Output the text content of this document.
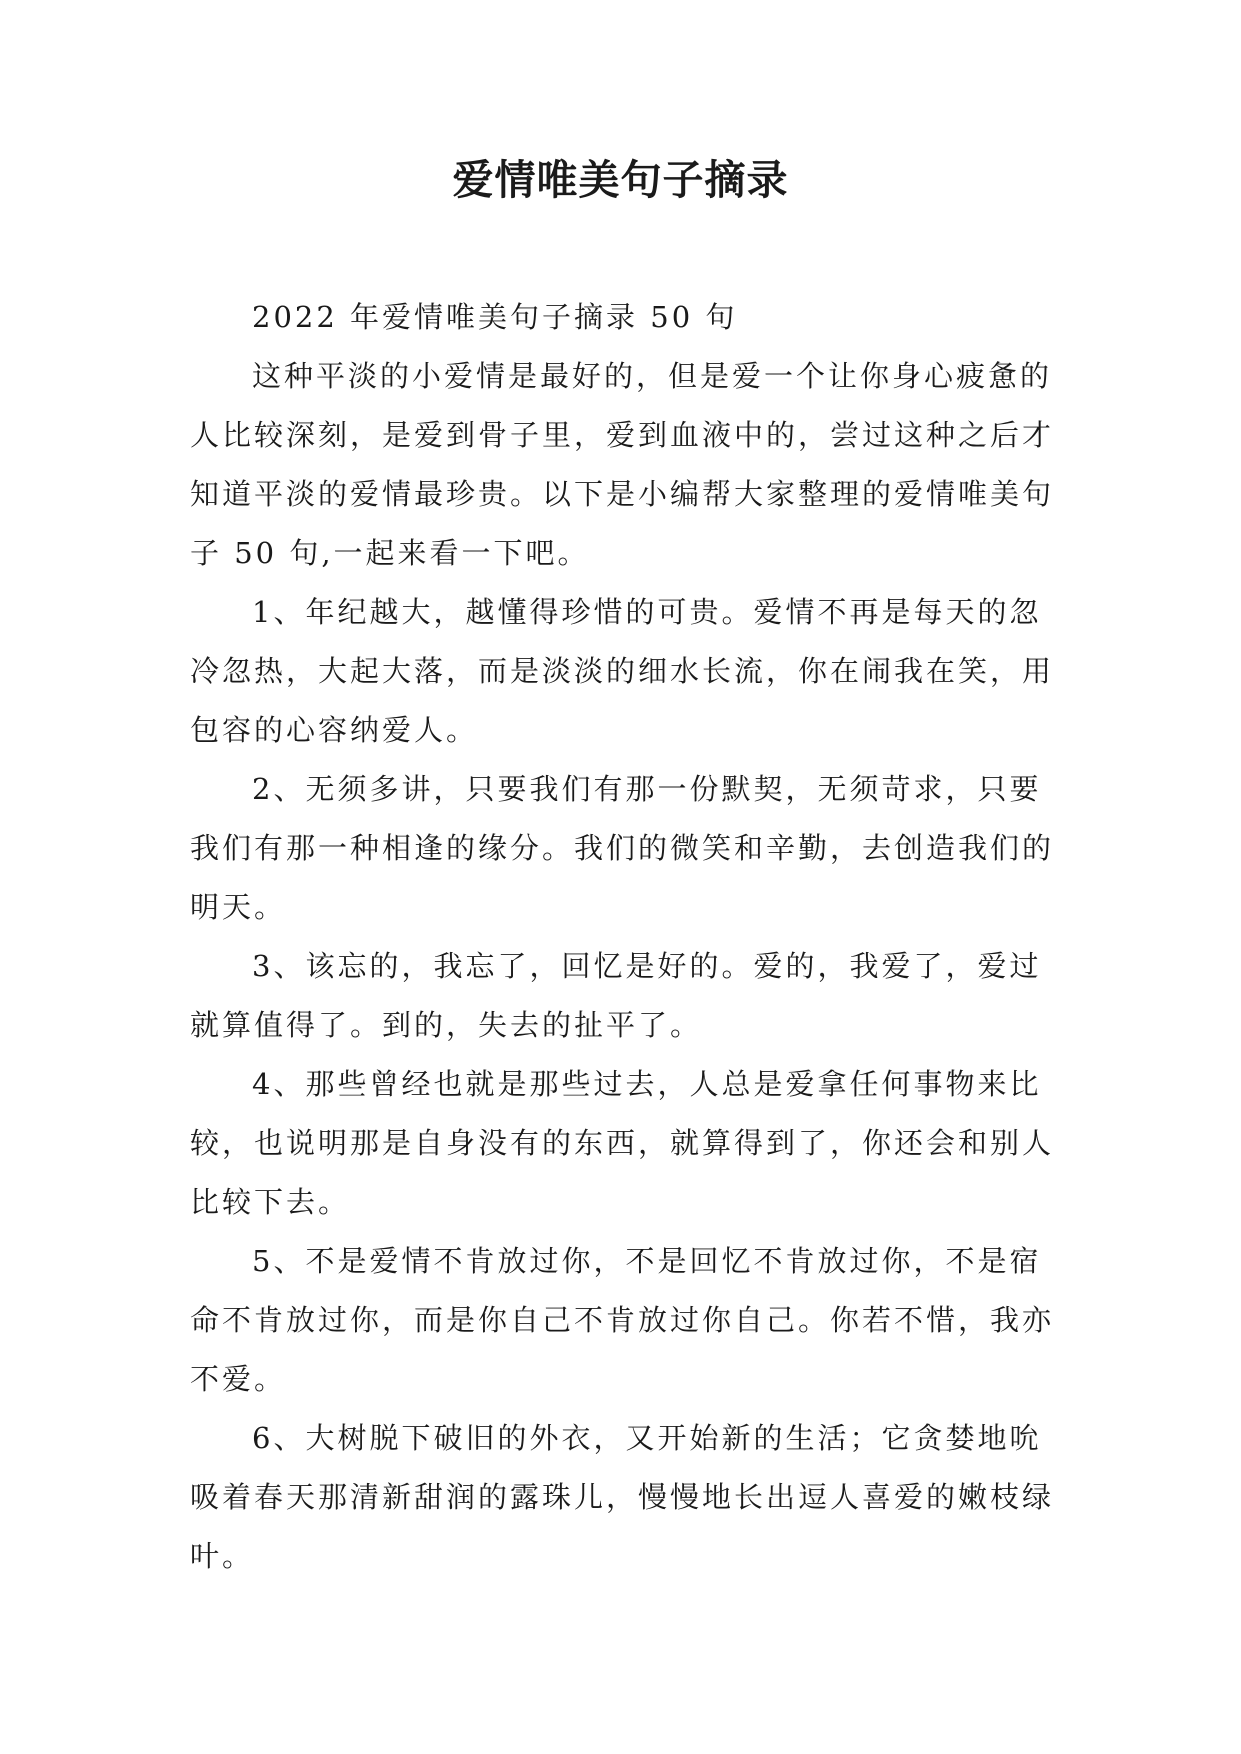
爱情唯美句子摘录

2022 年爱情唯美句子摘录 50 句

这种平淡的小爱情是最好的，但是爱一个让你身心疲惫的人比较深刻，是爱到骨子里，爱到血液中的，尝过这种之后才知道平淡的爱情最珍贵。以下是小编帮大家整理的爱情唯美句子 50 句,一起来看一下吧。

1、年纪越大，越懂得珍惜的可贵。爱情不再是每天的忽冷忽热，大起大落，而是淡淡的细水长流，你在闹我在笑，用包容的心容纳爱人。

2、无须多讲，只要我们有那一份默契，无须苛求，只要我们有那一种相逢的缘分。我们的微笑和辛勤，去创造我们的明天。

3、该忘的，我忘了，回忆是好的。爱的，我爱了，爱过就算值得了。到的，失去的扯平了。

4、那些曾经也就是那些过去，人总是爱拿任何事物来比较，也说明那是自身没有的东西，就算得到了，你还会和别人比较下去。

5、不是爱情不肯放过你，不是回忆不肯放过你，不是宿命不肯放过你，而是你自己不肯放过你自己。你若不惜，我亦不爱。

6、大树脱下破旧的外衣，又开始新的生活；它贪婪地吮吸着春天那清新甜润的露珠儿，慢慢地长出逗人喜爱的嫩枝绿叶。
